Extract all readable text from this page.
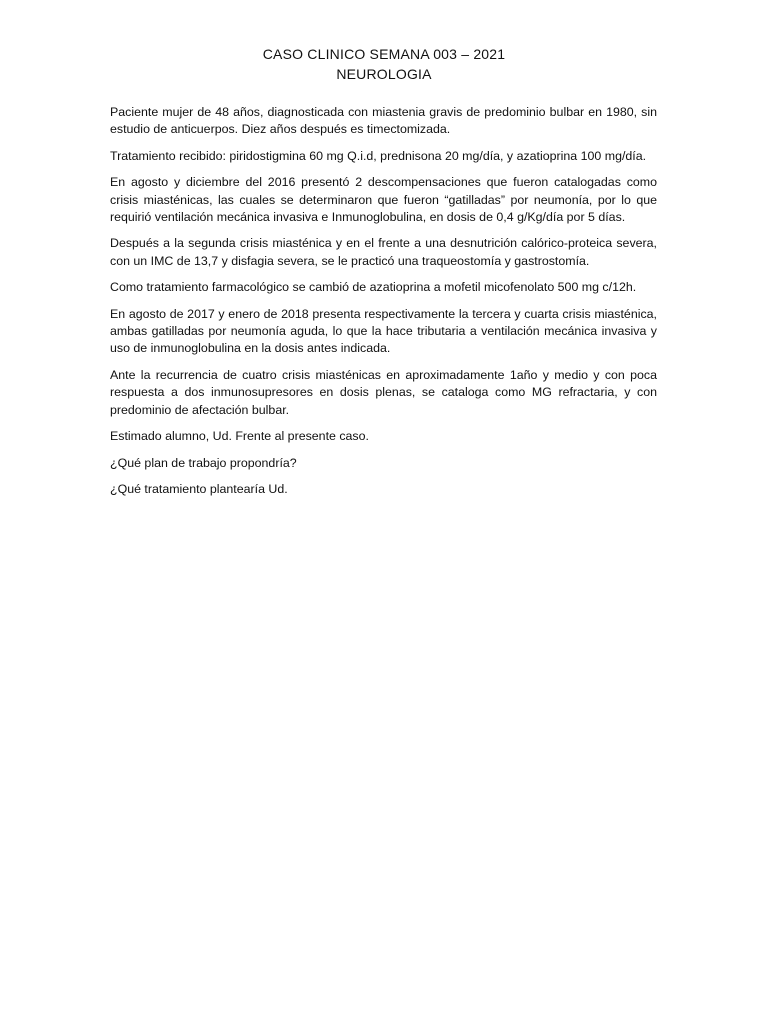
CASO CLINICO SEMANA 003 – 2021
NEUROLOGIA

Paciente mujer de 48 años, diagnosticada con miastenia gravis de predominio bulbar en 1980, sin estudio de anticuerpos. Diez años después es timectomizada.

Tratamiento recibido: piridostigmina 60 mg Q.i.d, prednisona 20 mg/día, y azatioprina 100 mg/día.

En agosto y diciembre del 2016 presentó 2 descompensaciones que fueron catalogadas como crisis miasténicas, las cuales se determinaron que fueron “gatilladas” por neumonía, por lo que requirió ventilación mecánica invasiva e Inmunoglobulina, en dosis de 0,4 g/Kg/día por 5 días.

Después a la segunda crisis miasténica y en el frente a una desnutrición calórico-proteica severa, con un IMC de 13,7 y disfagia severa, se le practicó una traqueostomía y gastrostomía.

Como tratamiento farmacológico se cambió de azatioprina a mofetil micofenolato 500 mg c/12h.

En agosto de 2017 y enero de 2018 presenta respectivamente la tercera y cuarta crisis miasténica, ambas gatilladas por neumonía aguda, lo que la hace tributaria a ventilación mecánica invasiva y uso de inmunoglobulina en la dosis antes indicada.

Ante la recurrencia de cuatro crisis miasténicas en aproximadamente 1año y medio y con poca respuesta a dos inmunosupresores en dosis plenas, se cataloga como MG refractaria, y con predominio de afectación bulbar.

Estimado alumno, Ud. Frente al presente caso.

¿Qué plan de trabajo propondría?

¿Qué tratamiento plantearía Ud.
